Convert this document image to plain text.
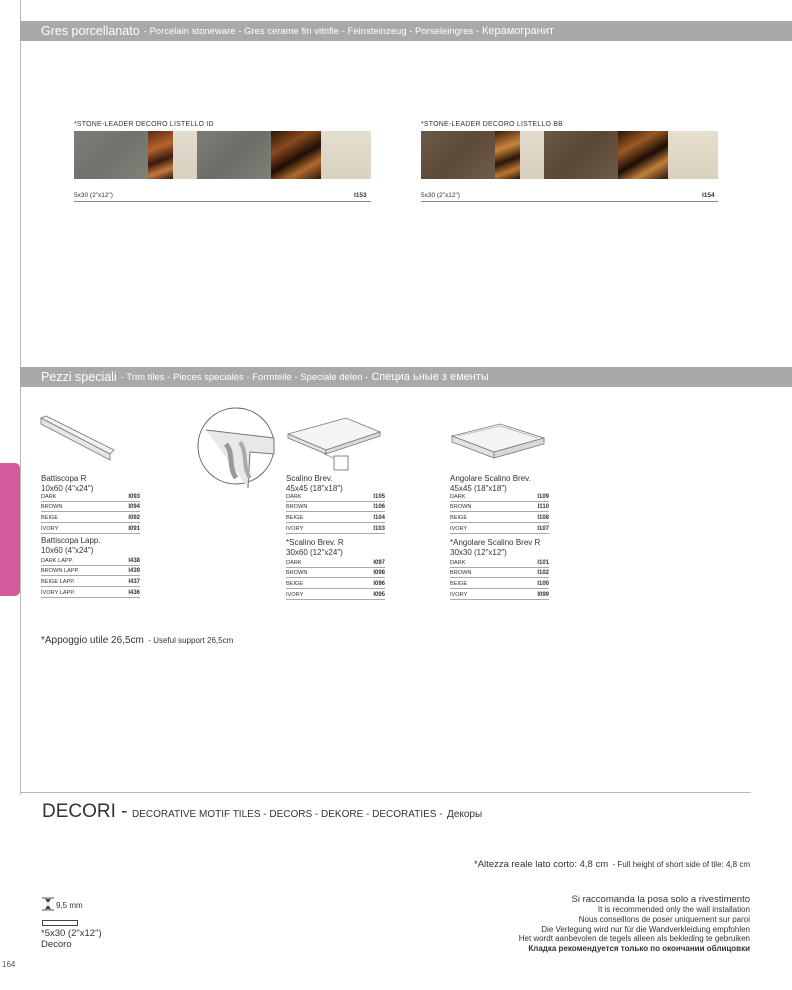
Gres porcellanato - Porcelain stoneware - Gres cerame fin vitrifie - Feinsteinzeug - Porseleingres - Керамогранит
*STONE-LEADER DECORO LISTELLO ID
5x30 (2"x12")	I153
*STONE-LEADER DECORO LISTELLO BB
5x30 (2"x12")	I154
Pezzi speciali - Trim tiles - Pieces speciales - Formteile - Speciale delen - Специа ьные з ементы
Battiscopa R
10x60 (4"x24")
DARK	I093
BROWN	I094
BEIGE	I092
IVORY	I091
Battiscopa Lapp.
10x60 (4"x24")
DARK LAPP.	I438
BROWN LAPP.	I439
BEIGE LAPP.	I437
IVORY LAPP.	I436
Scalino Brev.
45x45 (18"x18")
DARK	I105
BROWN	I106
BEIGE	I104
IVORY	I103
*Scalino Brev. R
30x60 (12"x24")
DARK	I097
BROWN	I098
BEIGE	I096
IVORY	I095
Angolare Scalino Brev.
45x45 (18"x18")
DARK	I109
BROWN	I110
BEIGE	I108
IVORY	I107
*Angolare Scalino Brev R
30x30 (12"x12")
DARK	I101
BROWN	I102
BEIGE	I100
IVORY	I099
*Appoggio utile 26,5cm - Useful support 26,5cm
DECORI - DECORATIVE MOTIF TILES - DECORS - DEKORE - DECORATIES - Декоры
*Altezza reale lato corto: 4,8 cm - Full height of short side of tile: 4,8 cm
9,5 mm
*5x30 (2"x12")
Decoro
Si raccomanda la posa solo a rivestimento
It is recommended only the wall installation
Nous conseillons de poser uniquement sur paroi
Die Verlegung wird nur für die Wandverkleidung empfohlen
Het wordt aanbevolen de tegels alleen als bekleding te gebruiken
Кладка рекомендуется только по окончании облицовки
164
